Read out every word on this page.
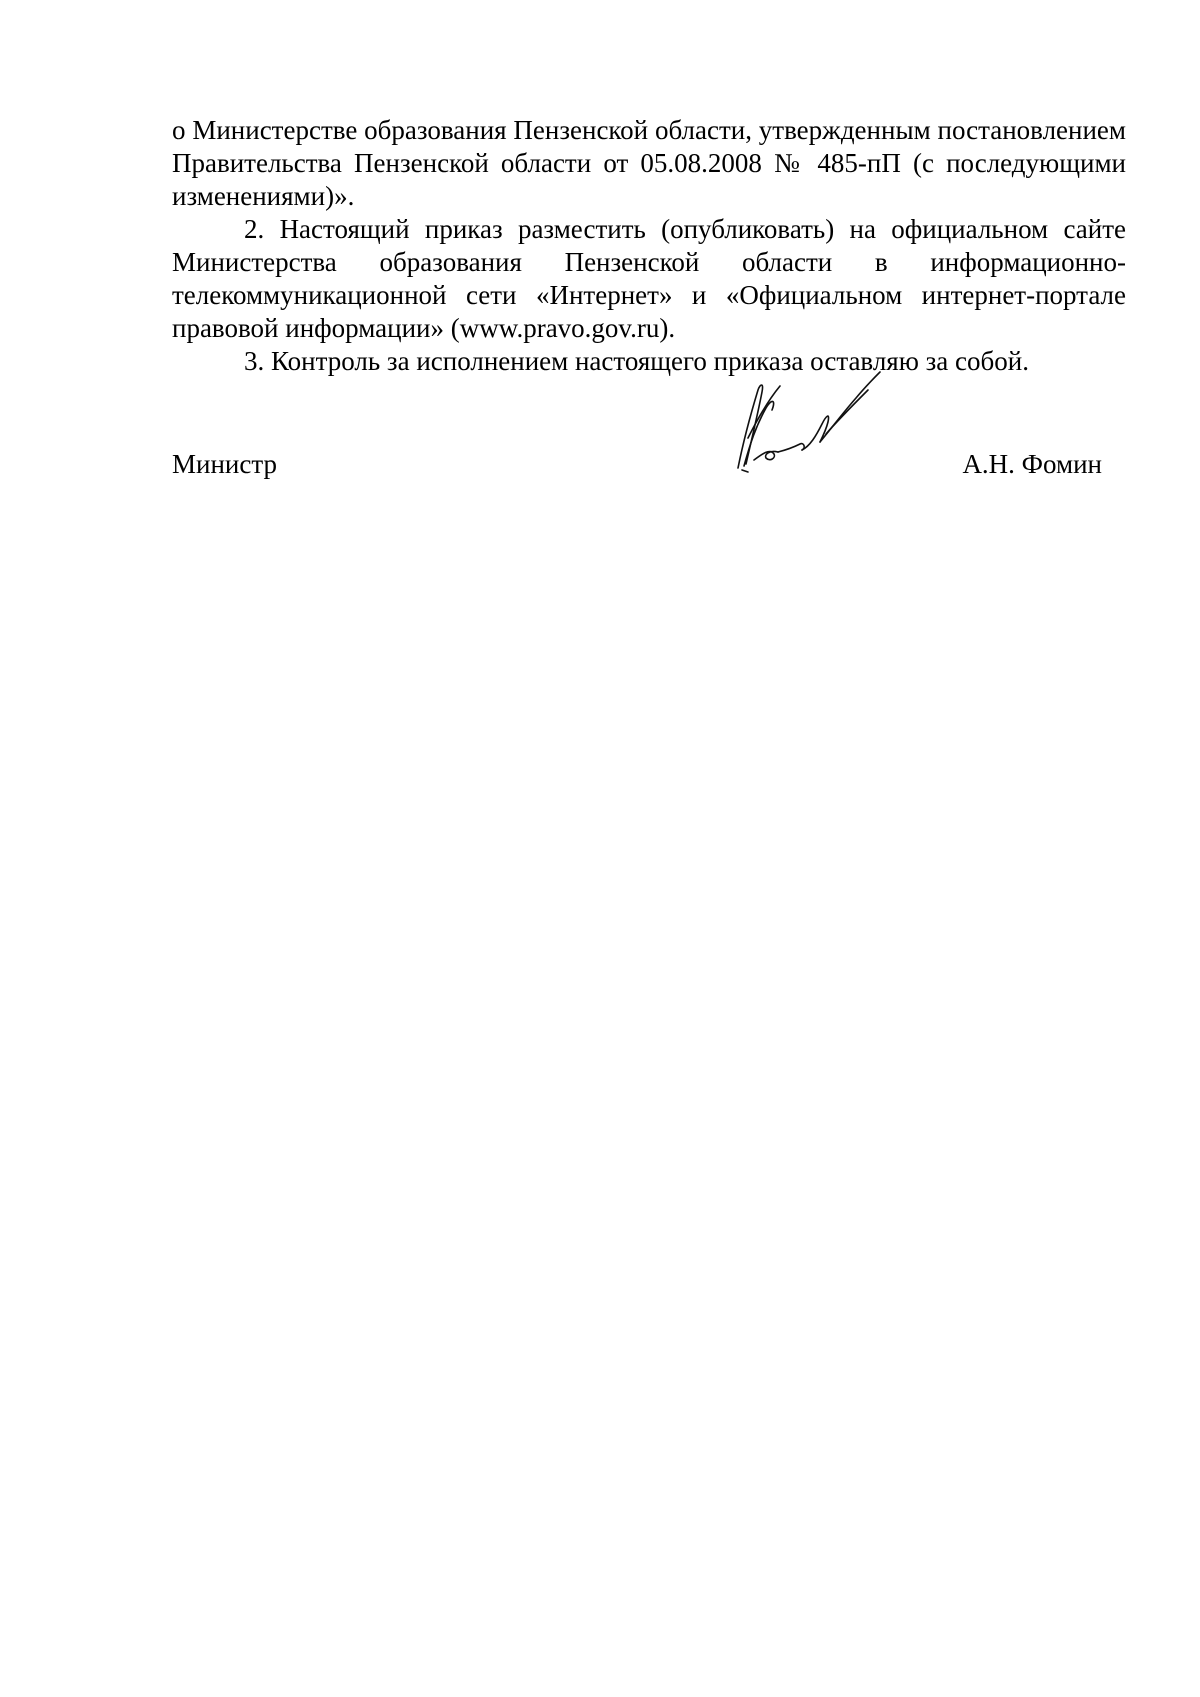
о Министерстве образования Пензенской области, утвержденным постановлением Правительства Пензенской области от 05.08.2008 № 485-пП (с последующими изменениями)».

2. Настоящий приказ разместить (опубликовать) на официальном сайте Министерства образования Пензенской области в информационно-телекоммуникационной сети «Интернет» и «Официальном интернет-портале правовой информации» (www.pravo.gov.ru).

3. Контроль за исполнением настоящего приказа оставляю за собой.

Министр	А.Н. Фомин
